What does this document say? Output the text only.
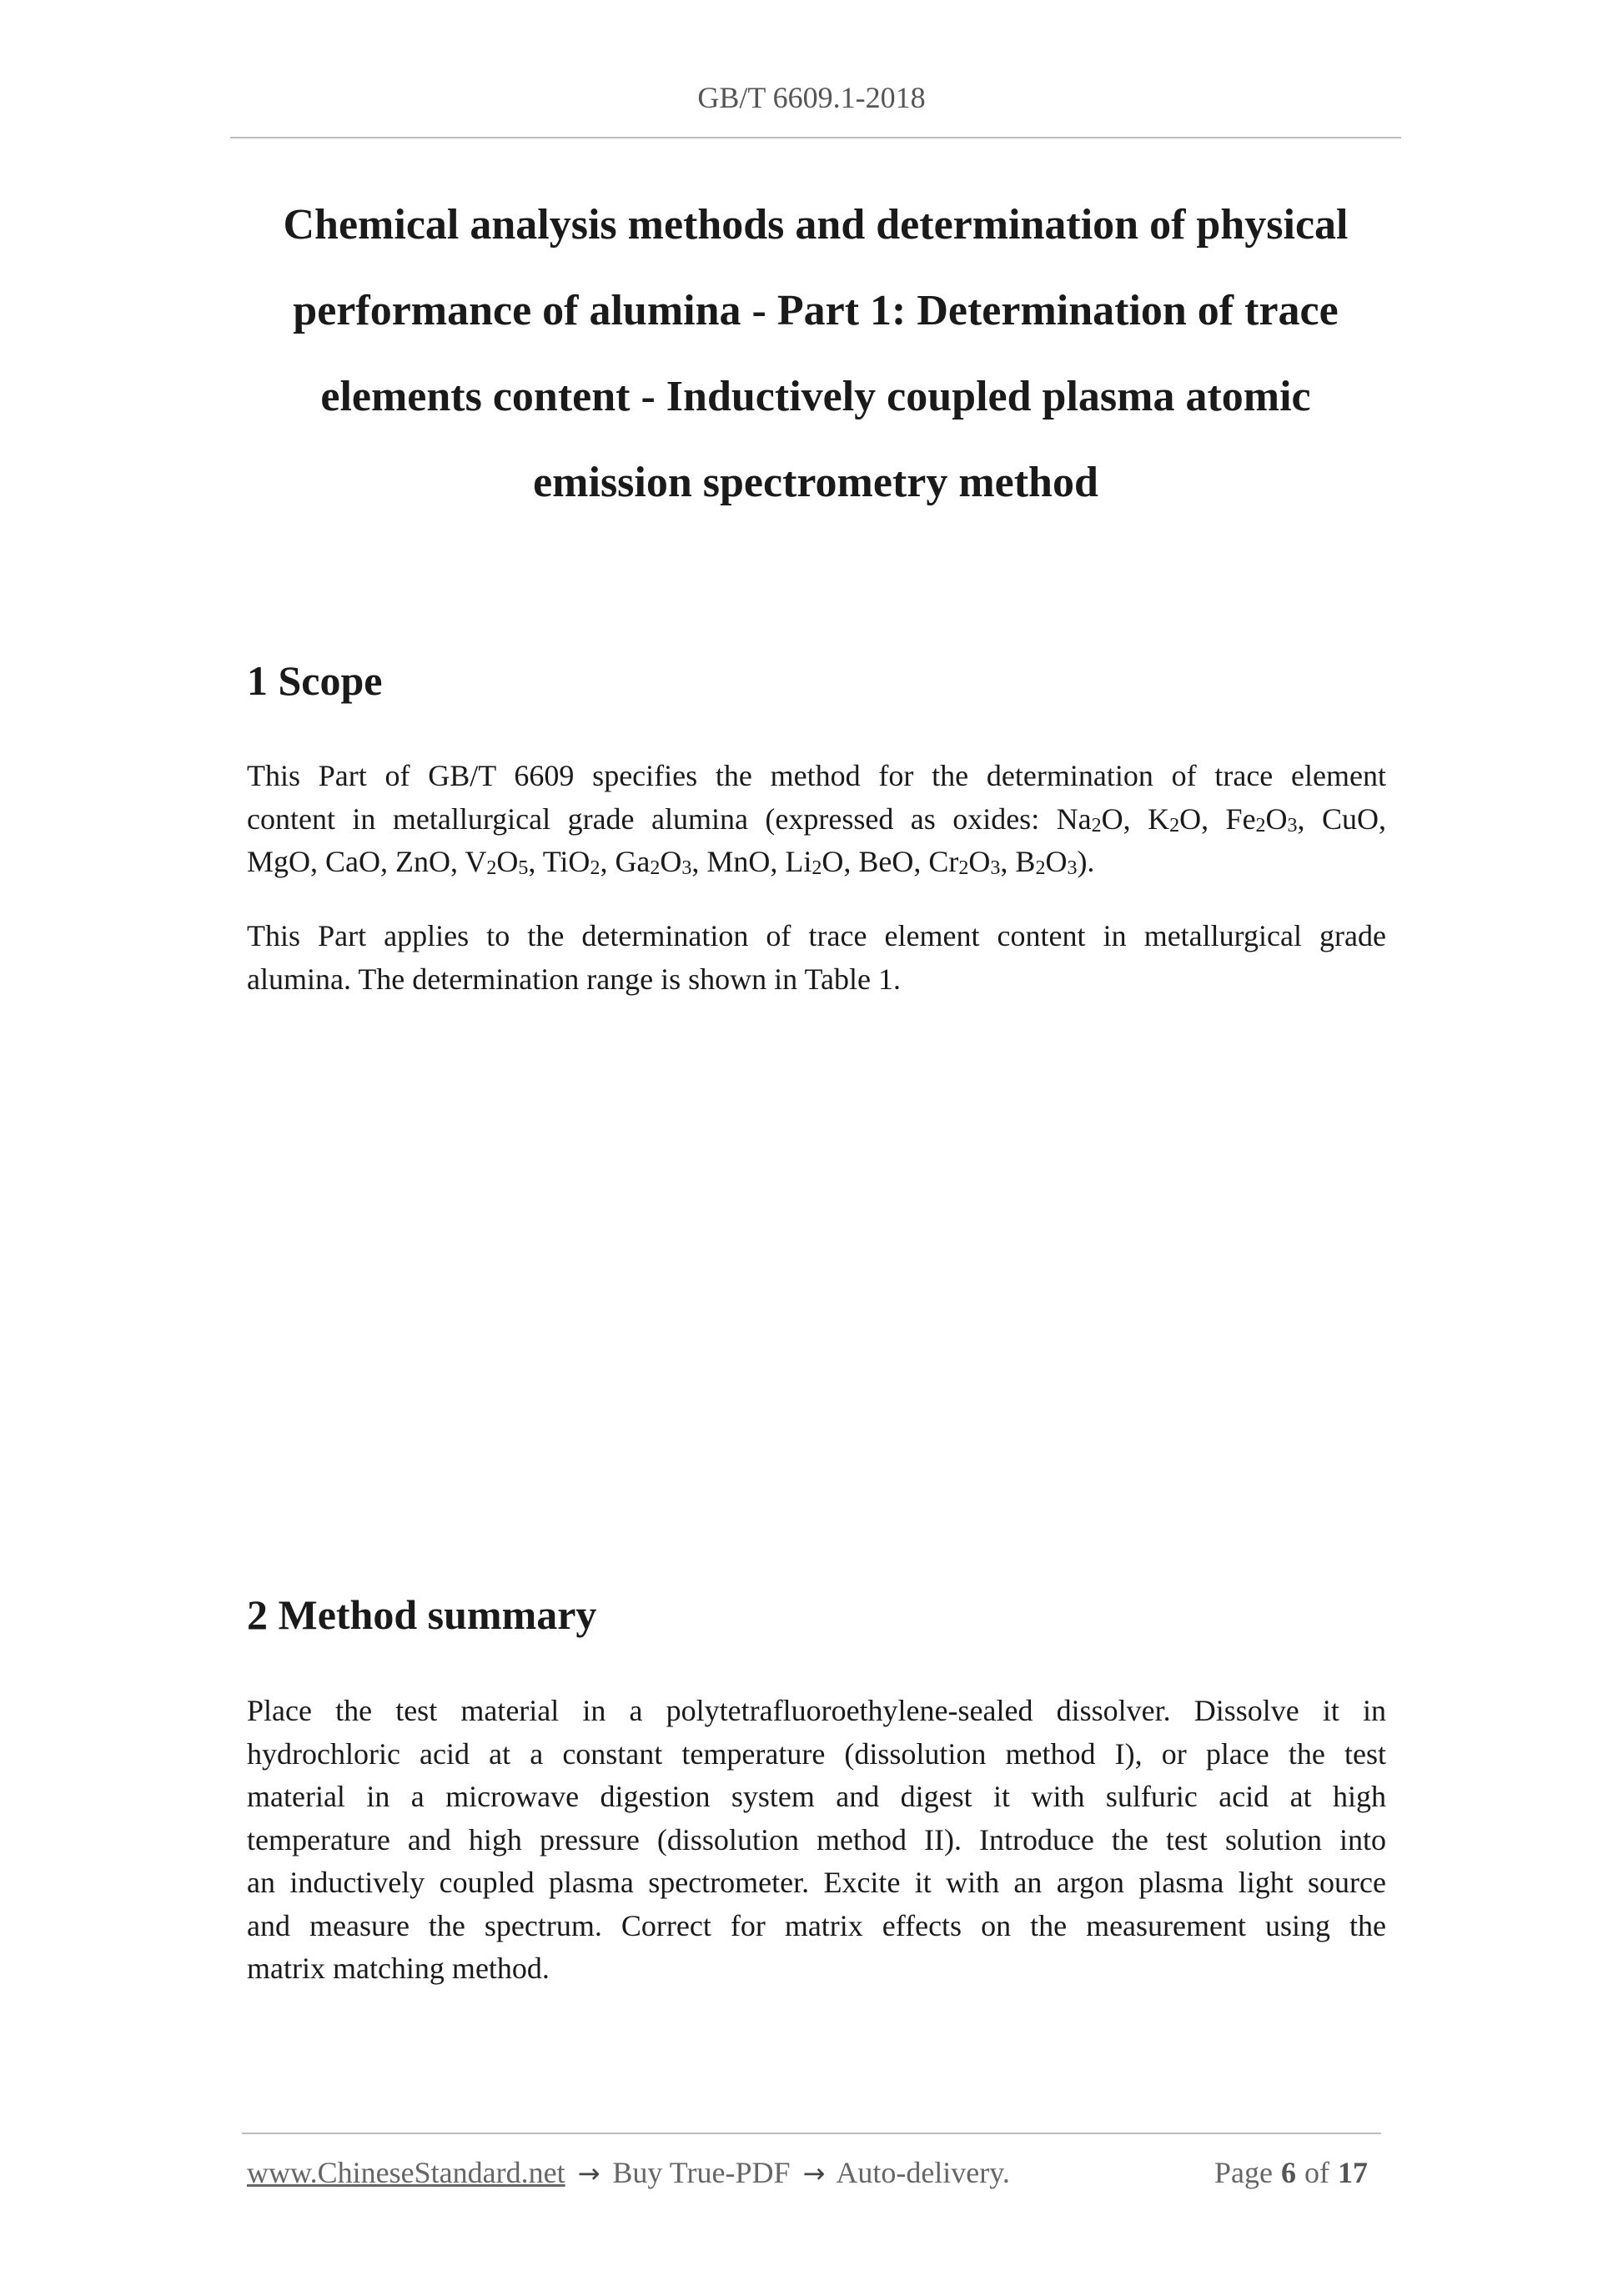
GB/T 6609.1-2018
Chemical analysis methods and determination of physical
performance of alumina - Part 1: Determination of trace
elements content - Inductively coupled plasma atomic
emission spectrometry method
1 Scope

This Part of GB/T 6609 specifies the method for the determination of trace element
content in metallurgical grade alumina (expressed as oxides: $Na_2O$, $K_2O$, $Fe_2O_3$, CuO,
MgO, CaO, ZnO, $V_2O_5$, TiO$_2$, $Ga_2O_3$, MnO, $Li_2O$, BeO, $Cr_2O_3$, $B_2O_3$).

This Part applies to the determination of trace element content in metallurgical grade
alumina. The determination range is shown in Table 1.

2 Method summary

Place the test material in a polytetrafluoroethylene-sealed dissolver. Dissolve it in
hydrochloric acid at a constant temperature (dissolution method I), or place the test
material in a microwave digestion system and digest it with sulfuric acid at high
temperature and high pressure (dissolution method II). Introduce the test solution into
an inductively coupled plasma spectrometer. Excite it with an argon plasma light source
and measure the spectrum. Correct for matrix effects on the measurement using the
matrix matching method.

www.ChineseStandard.net → Buy True-PDF → Auto-delivery.	Page 6 of 17
